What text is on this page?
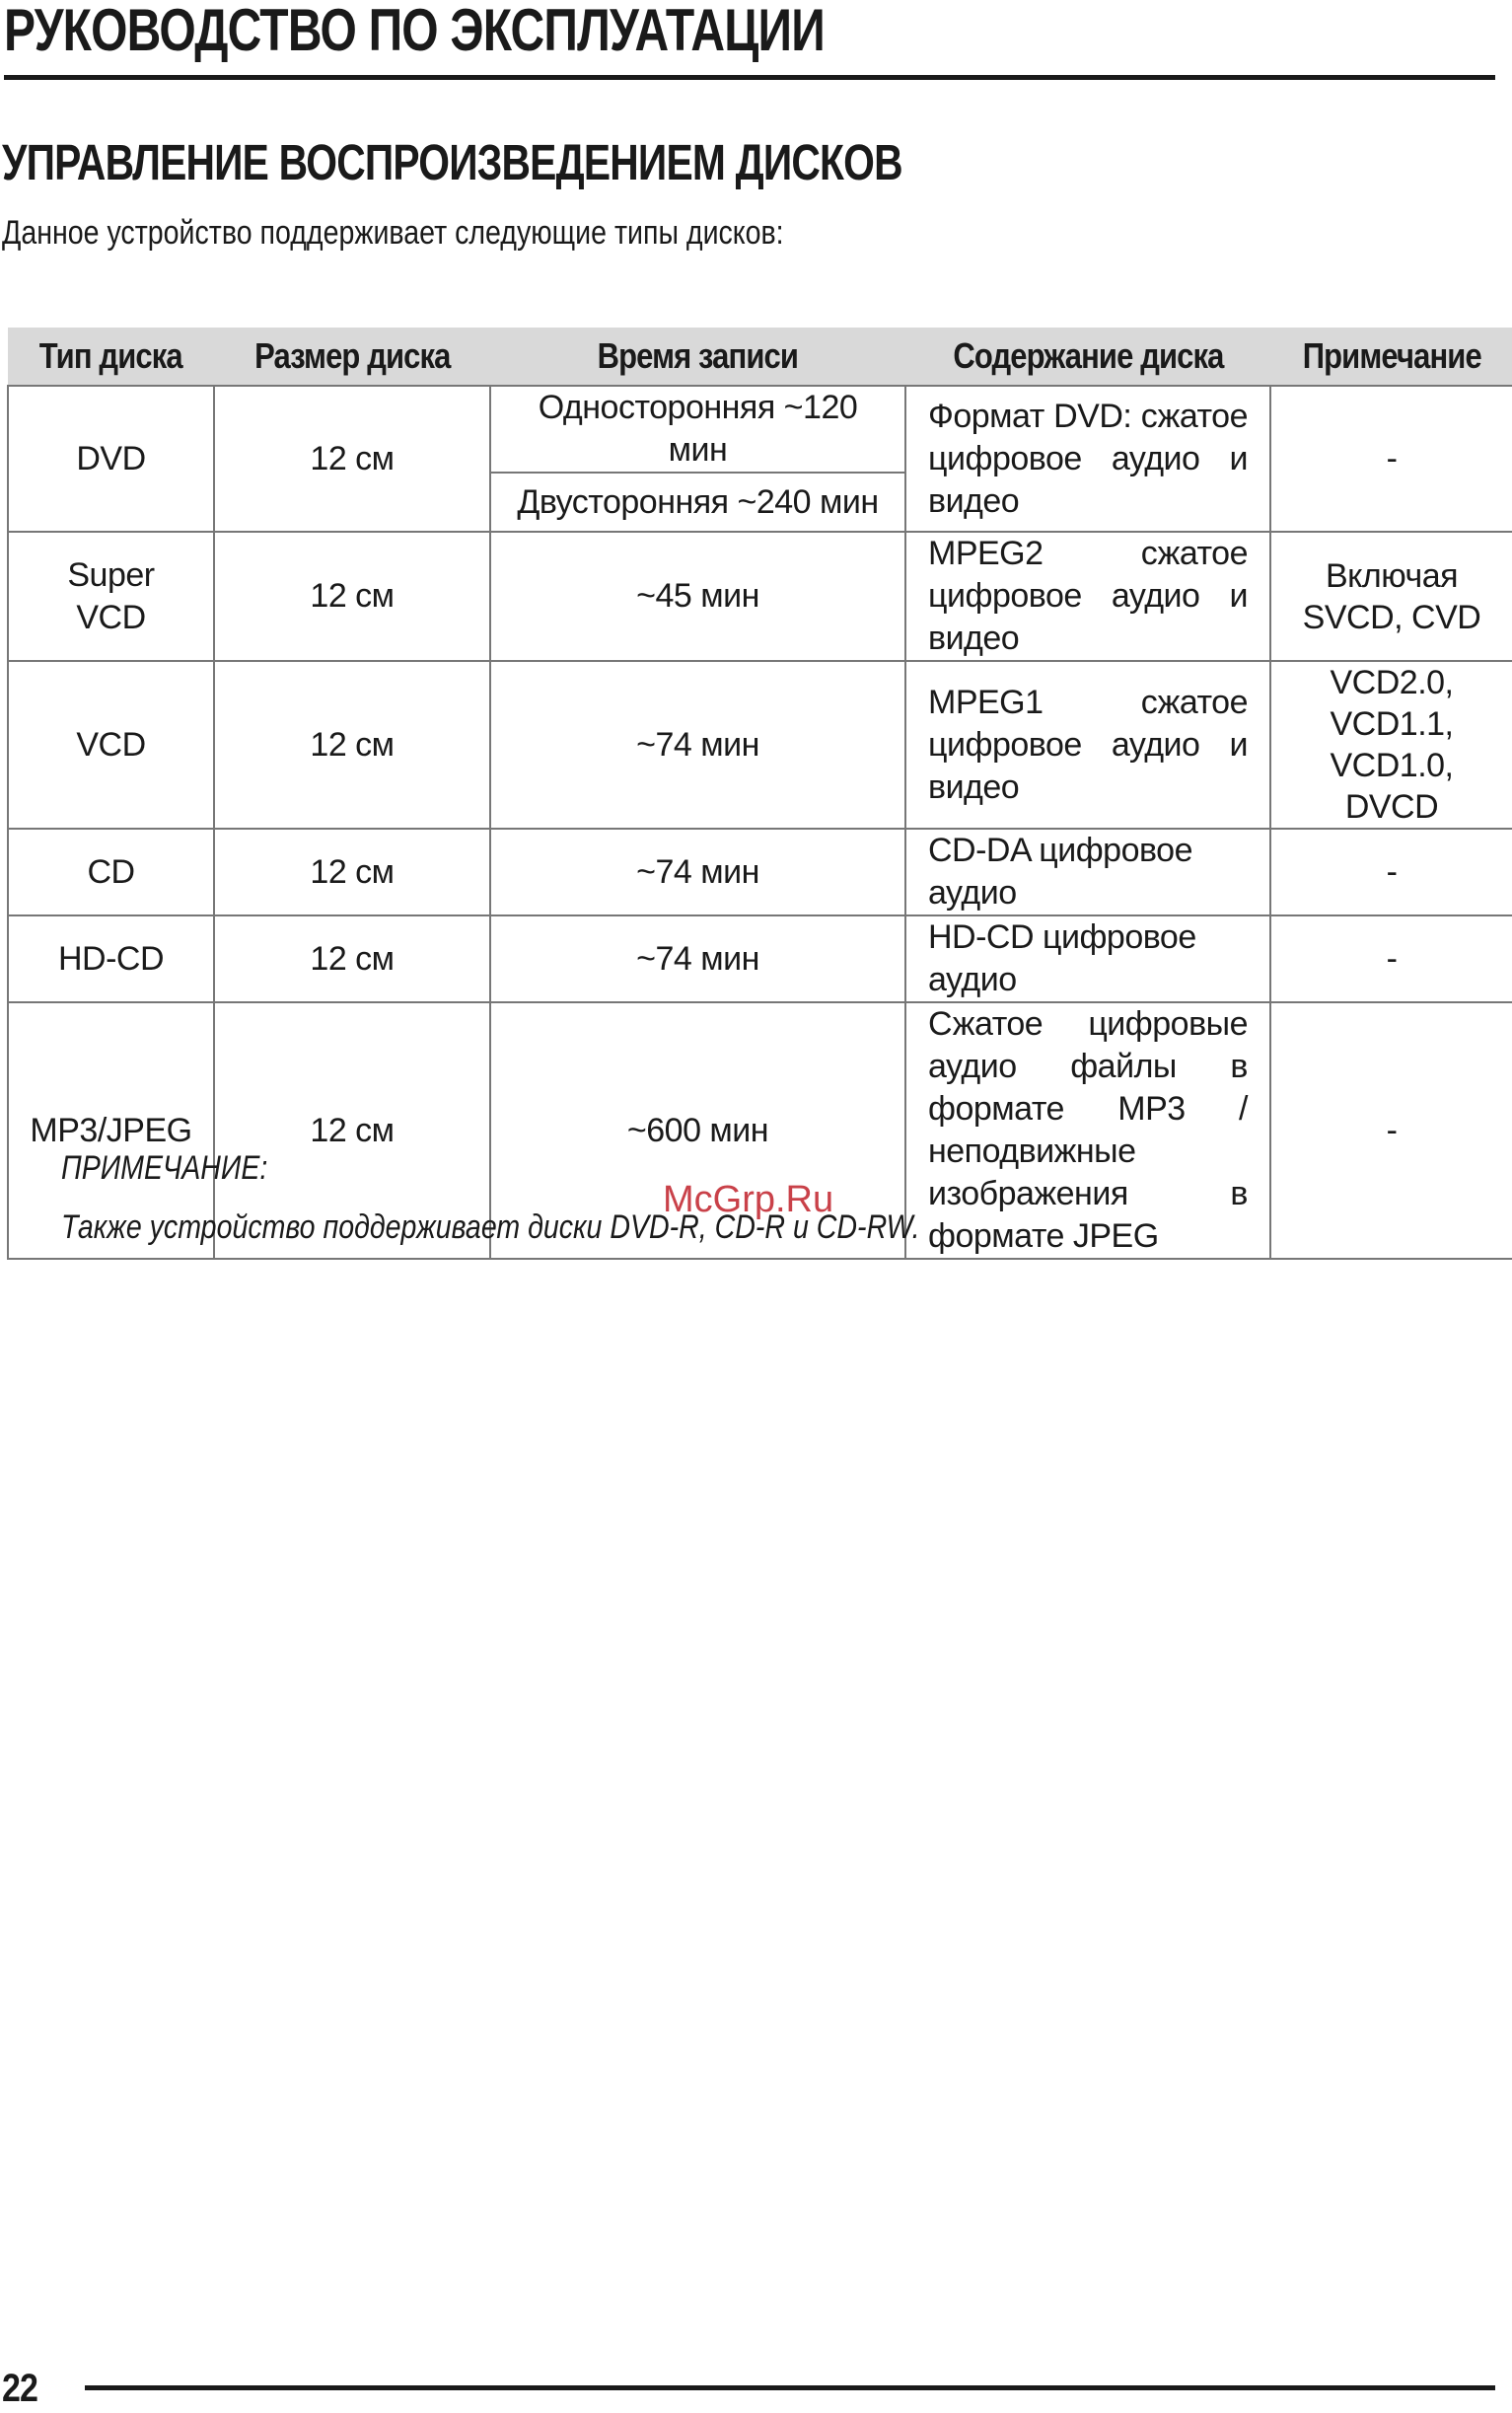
РУКОВОДСТВО ПО ЭКСПЛУАТАЦИИ
УПРАВЛЕНИЕ ВОСПРОИЗВЕДЕНИЕМ ДИСКОВ

Данное устройство поддерживает следующие типы дисков:

Тип диска	Размер диска	Время записи	Содержание диска	Примечание
DVD	12 см	Односторонняя ~120 мин	Формат DVD: сжатое цифровое аудио и видео	-
		Двусторонняя ~240 мин		
Super VCD	12 см	~45 мин	MPEG2 сжатое цифровое аудио и видео	Включая SVCD, CVD
VCD	12 см	~74 мин	MPEG1 сжатое цифровое аудио и видео	VCD2.0, VCD1.1, VCD1.0, DVCD
CD	12 см	~74 мин	CD-DA цифровое аудио	-
HD-CD	12 см	~74 мин	HD-CD цифровое аудио	-
MP3/JPEG	12 см	~600 мин	Сжатое цифровые аудио файлы в формате MP3 / неподвижные изображения в формате JPEG	-
ПРИМЕЧАНИЕ:
Также устройство поддерживает диски DVD-R, CD-R и CD-RW.
McGrp.Ru
22
